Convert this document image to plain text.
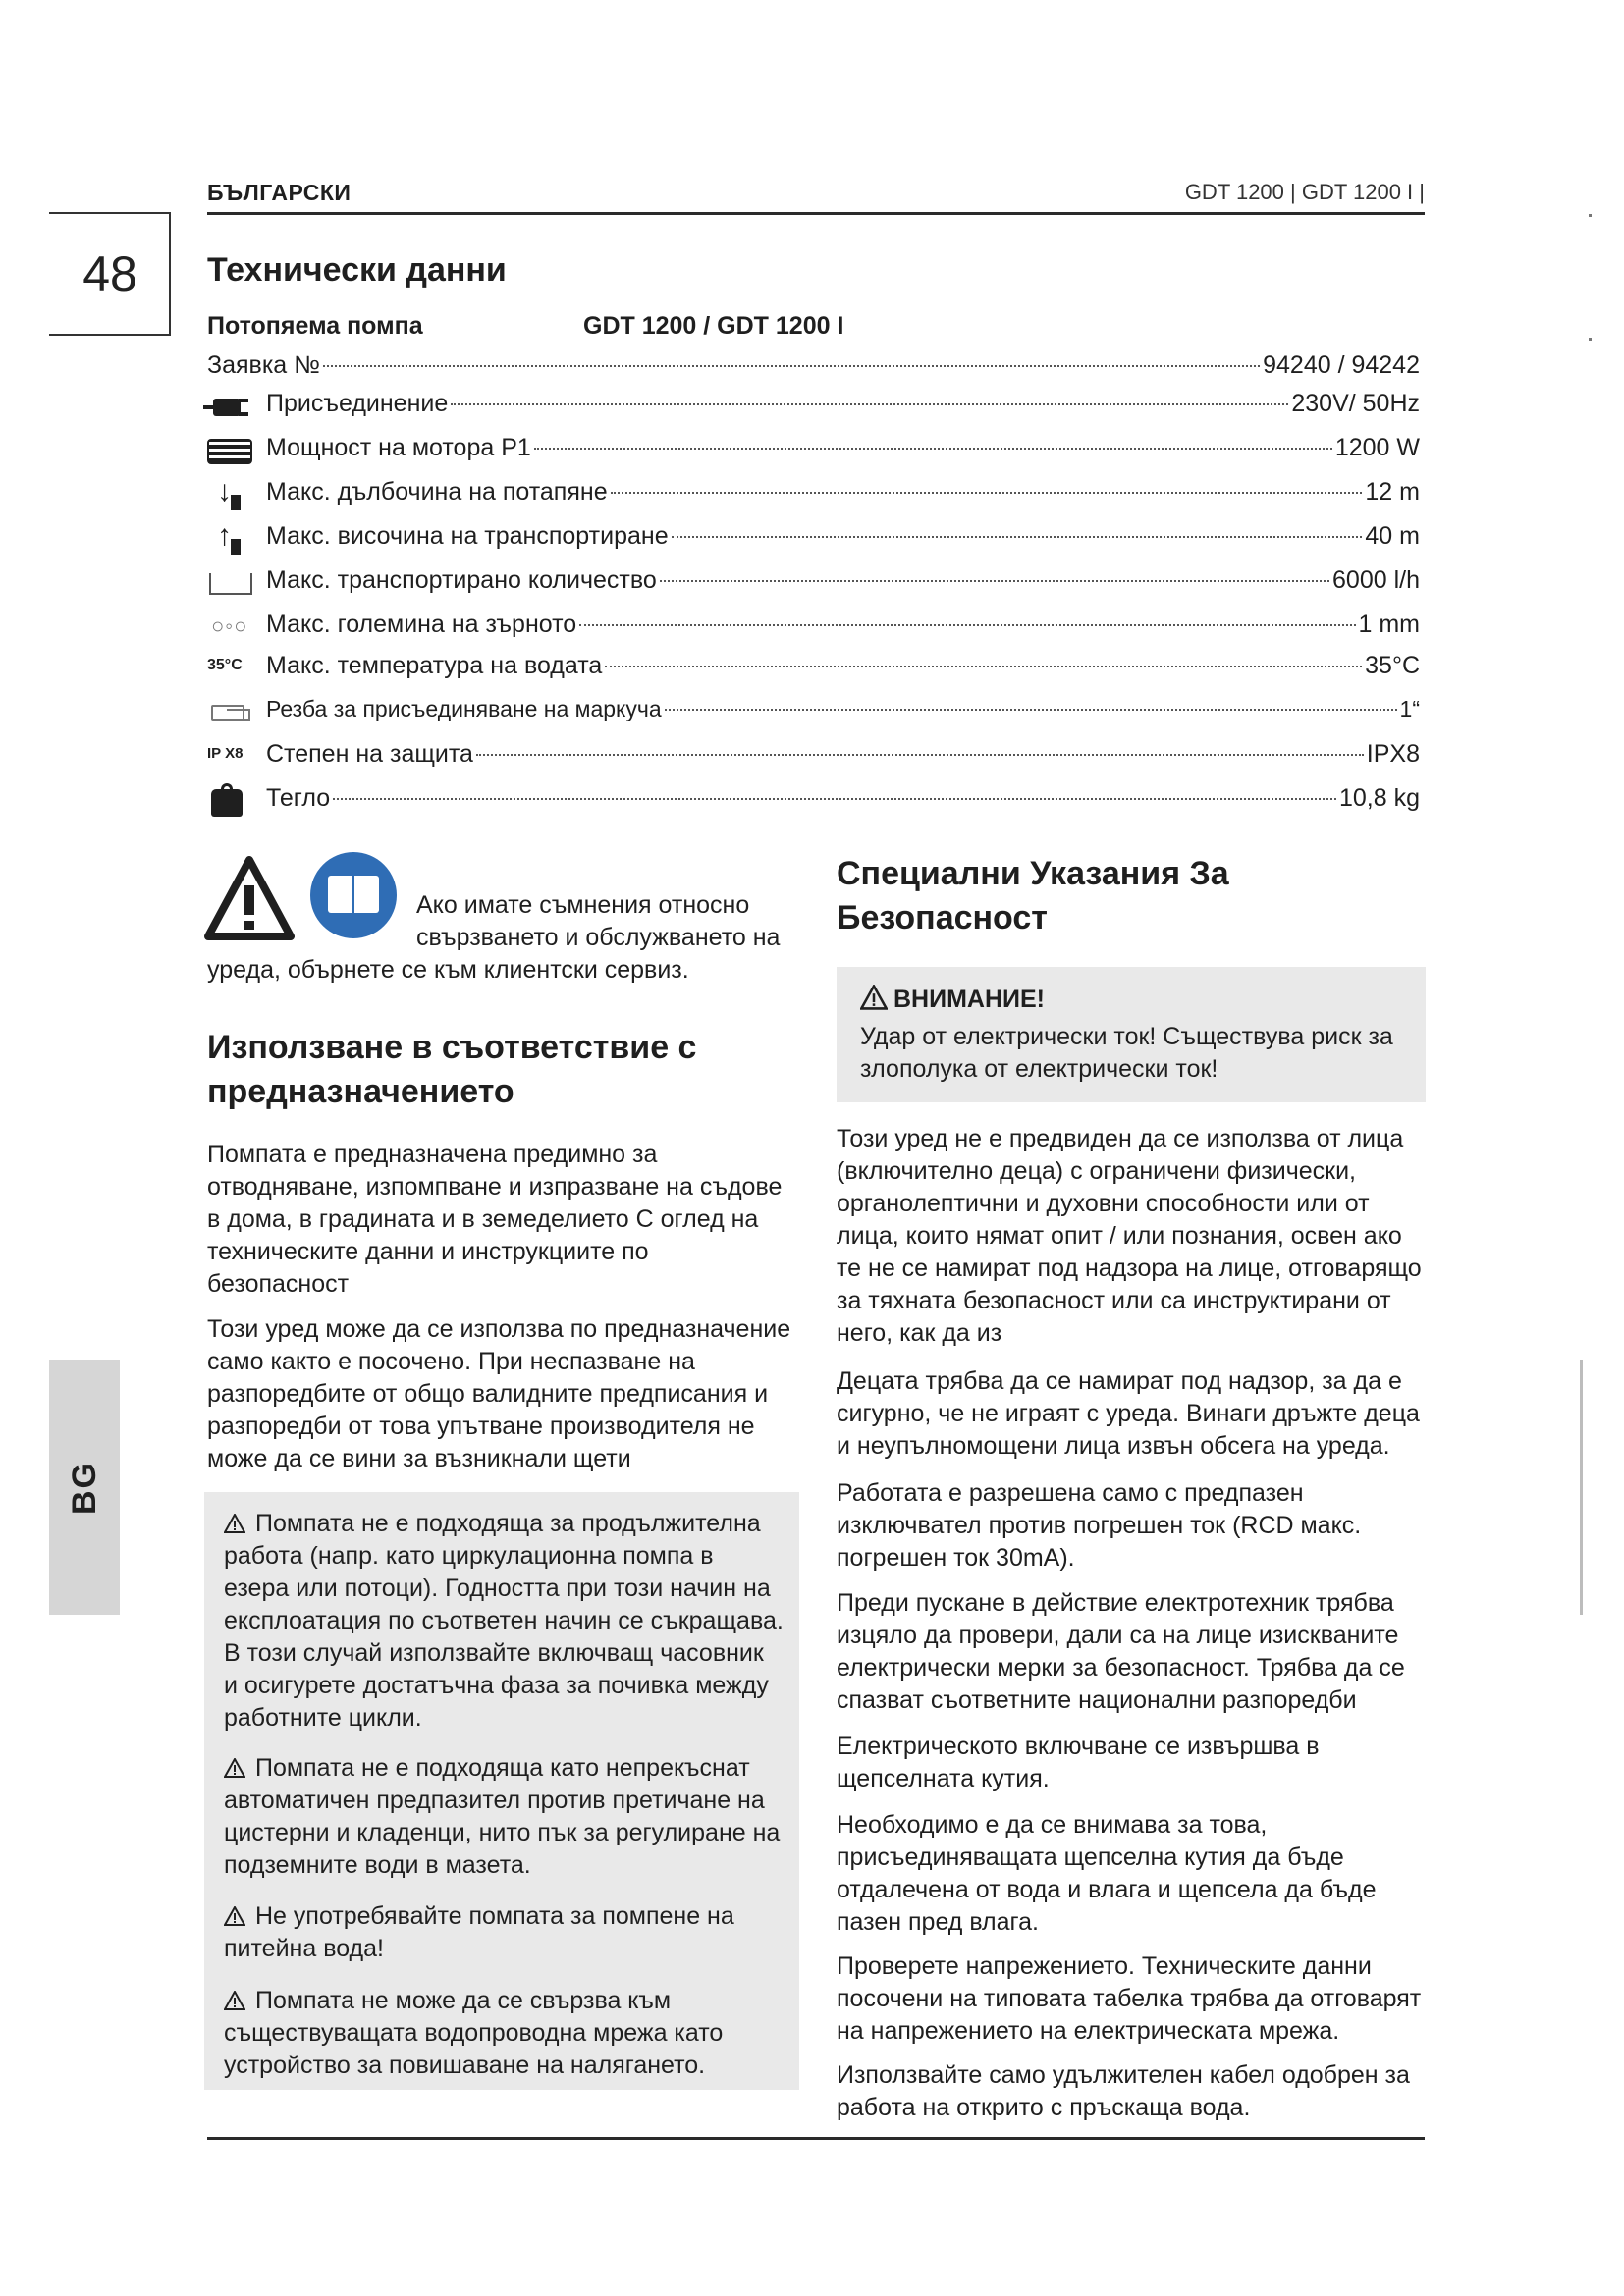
БЪЛГАРСКИ	GDT 1200 | GDT 1200 I |
48
BG
Технически данни
Потопяема помпа	GDT 1200 / GDT 1200 I
Заявка №	94240 / 94242
Присъединение	230V/ 50Hz
Мощност на мотора P1	1200 W
↓
Макс. дълбочина на потапяне	12 m
↑
Макс. височина на транспортиране	40 m
Макс. транспортирано количество	6000 l/h
○◦○ Макс. големина на зърното	1 mm
35°C Макс. температура на водата	35°C
Резба за присъединяване на маркуча	1“
IP X8 Степен на защита	IPX8
Тегло	10,8 kg
Ако имате съмнения относно свързването и обслужването на
уреда, обърнете се към клиентски сервиз.
Използване в съответствие с предназначението
Помпата е предназначена предимно за отводняване, изпомпване и изпразване на съдове в дома, в градината и в земеделието С оглед на техническите данни и инструкциите по безопасност
Този уред може да се използва по предназначение само както е посочено. При неспазване на разпоредбите от общо валидните предписания и разпоредби от това упътване производителя не може да се вини за възникнали щети
Помпата не е подходяща за продължителна работа (напр. като циркулационна помпа в езера или потоци). Годността при този начин на експлоатация по съответен начин се съкращава. В този случай използвайте включващ часовник и осигурете достатъчна фаза за почивка между работните цикли.
Помпата не е подходяща като непрекъснат автоматичен предпазител против претичане на цистерни и кладенци, нито пък за регулиране на подземните води в мазета.
Не употребявайте помпата за помпене на питейна вода!
Помпата не може да се свързва към съществуващата водопроводна мрежа като устройство за повишаване на налягането.
Специални Указания За Безопасност
ВНИМАНИЕ!
Удар от електрически ток! Съществува риск за злополука от електрически ток!
Този уред не е предвиден да се използва от лица (включително деца) с ограничени физически, органолептични и духовни способности или от лица, които нямат опит / или познания, освен ако те не се намират под надзора на лице, отговарящо за тяхната безопасност или са инструктирани от него, как да из
Децата трябва да се намират под надзор, за да е сигурно, че не играят с уреда. Винаги дръжте деца и неупълномощени лица извън обсега на уреда.
Работата е разрешена само с предпазен изключвател против погрешен ток (RCD макс. погрешен ток 30mA).
Преди пускане в действие електротехник трябва изцяло да провери, дали са на лице изискваните електрически мерки за безопасност. Трябва да се спазват съответните национални разпоредби
Електрическото включване се извършва в щепселната кутия.
Необходимо е да се внимава за това, присъединяващата щепселна кутия да бъде отдалечена от вода и влага и щепсела да бъде пазен пред влага.
Проверете напрежението. Техническите данни посочени на типовата табелка трябва да отговарят на напрежението на електрическата мрежа.
Използвайте само удължителен кабел одобрен за работа на открито с пръскаща вода.
